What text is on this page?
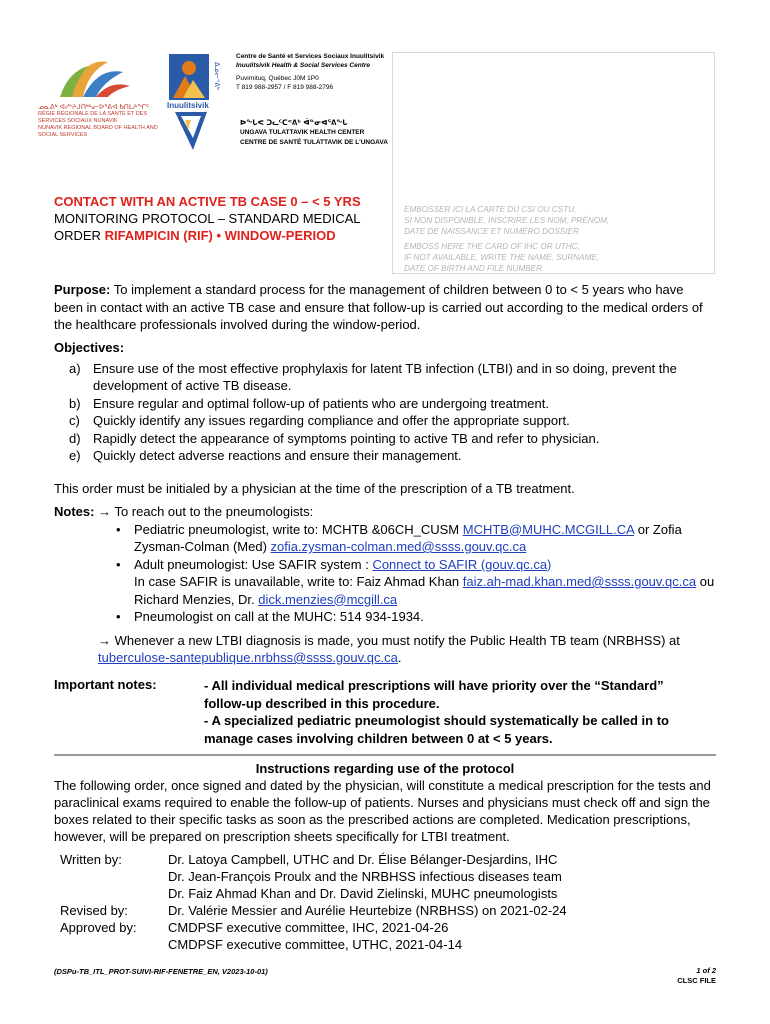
ᓄᓇᕕᒃ ᐊᓯᔾᔨᒍᑎᒃᓴᓕᐅᕐᕕᐊ ᑲᑎᒪᔨᖏᑦ
RÉGIE RÉGIONALE DE LA SANTÉ ET DES SERVICES SOCIAUX NUNAVIK
NUNAVIK REGIONAL BOARD OF HEALTH AND SOCIAL SERVICES
ᐃᓅᓕᕝᕕᒃ
Inuulitsivik
Centre de Santé et Services Sociaux Inuulitsivik
Inuulitsivik Health & Social Services Centre
Puvirnituq, Québec J0M 1P0
T 819 988-2957 / F 819 988-2796
ᐅᖓᕙ ᑐᓚᑦᑕᕝᕕᒃ ᐋᓐᓂᐊᕐᕕᖓ
UNGAVA TULATTAVIK HEALTH CENTER
CENTRE DE SANTÉ TULATTAVIK DE L'UNGAVA
EMBOSSER ICI LA CARTE DU CSI OU CSTU,
SI NON DISPONIBLE, INSCRIRE LES NOM, PRÉNOM,
DATE DE NAISSANCE ET NUMÉRO DOSSIER
EMBOSS HERE THE CARD OF IHC OR UTHC,
IF NOT AVAILABLE, WRITE THE NAME, SURNAME,
DATE OF BIRTH AND FILE NUMBER
CONTACT WITH AN ACTIVE TB CASE 0 – < 5 YRS
MONITORING PROTOCOL – STANDARD MEDICAL
ORDER RIFAMPICIN (RIF) • WINDOW-PERIOD
Purpose: To implement a standard process for the management of children between 0 to < 5 years who have been in contact with an active TB case and ensure that follow-up is carried out according to the medical orders of the healthcare professionals involved during the window-period.
Objectives:
a) Ensure use of the most effective prophylaxis for latent TB infection (LTBI) and in so doing, prevent the development of active TB disease.
b) Ensure regular and optimal follow-up of patients who are undergoing treatment.
c) Quickly identify any issues regarding compliance and offer the appropriate support.
d) Rapidly detect the appearance of symptoms pointing to active TB and refer to physician.
e) Quickly detect adverse reactions and ensure their management.
This order must be initialed by a physician at the time of the prescription of a TB treatment.
Notes: → To reach out to the pneumologists:
• Pediatric pneumologist, write to: MCHTB &06CH_CUSM MCHTB@MUHC.MCGILL.CA or Zofia Zysman-Colman (Med) zofia.zysman-colman.med@ssss.gouv.qc.ca
• Adult pneumologist: Use SAFIR system : Connect to SAFIR (gouv.qc.ca)
In case SAFIR is unavailable, write to: Faiz Ahmad Khan faiz.ah-mad.khan.med@ssss.gouv.qc.ca ou Richard Menzies, Dr. dick.menzies@mcgill.ca
• Pneumologist on call at the MUHC: 514 934-1934.
→ Whenever a new LTBI diagnosis is made, you must notify the Public Health TB team (NRBHSS) at tuberculose-santepublique.nrbhss@ssss.gouv.qc.ca.
Important notes:	- All individual medical prescriptions will have priority over the “Standard” follow-up described in this procedure.
- A specialized pediatric pneumologist should systematically be called in to manage cases involving children between 0 at < 5 years.
Instructions regarding use of the protocol
The following order, once signed and dated by the physician, will constitute a medical prescription for the tests and paraclinical exams required to enable the follow-up of patients. Nurses and physicians must check off and sign the boxes related to their specific tasks as soon as the prescribed actions are completed. Medication prescriptions, however, will be prepared on prescription sheets specifically for LTBI treatment.
Written by:
Revised by:
Approved by:
Dr. Latoya Campbell, UTHC and Dr. Élise Bélanger-Desjardins, IHC
Dr. Jean-François Proulx and the NRBHSS infectious diseases team
Dr. Faiz Ahmad Khan and Dr. David Zielinski, MUHC pneumologists
Dr. Valérie Messier and Aurélie Heurtebize (NRBHSS) on 2021-02-24
CMDPSF executive committee, IHC, 2021-04-26
CMDPSF executive committee, UTHC, 2021-04-14
(DSPu-TB_ITL_PROT-SUIVI-RIF-FENETRE_EN, V2023-10-01)	1 of 2
CLSC FILE
